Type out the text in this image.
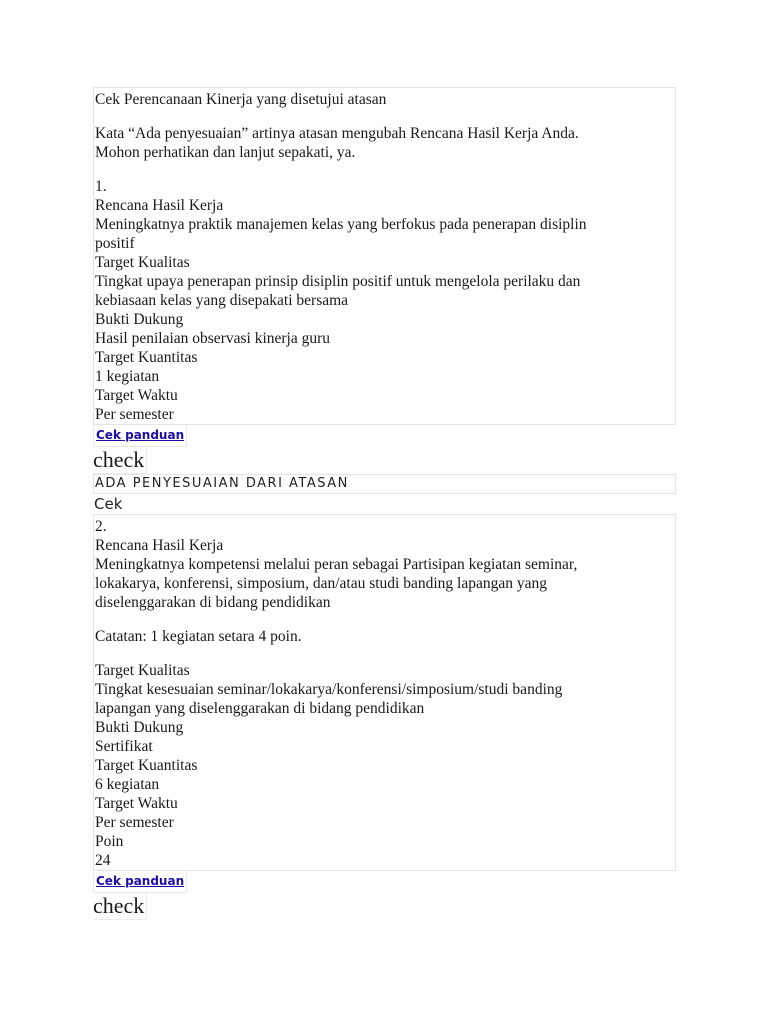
Cek Perencanaan Kinerja yang disetujui atasan
Kata “Ada penyesuaian” artinya atasan mengubah Rencana Hasil Kerja Anda.
Mohon perhatikan dan lanjut sepakati, ya.
1.
Rencana Hasil Kerja
Meningkatnya praktik manajemen kelas yang berfokus pada penerapan disiplin
positif
Target Kualitas
Tingkat upaya penerapan prinsip disiplin positif untuk mengelola perilaku dan
kebiasaan kelas yang disepakati bersama
Bukti Dukung
Hasil penilaian observasi kinerja guru
Target Kuantitas
1 kegiatan
Target Waktu
Per semester
Cek panduan
check
ADA PENYESUAIAN DARI ATASAN
Cek
2.
Rencana Hasil Kerja
Meningkatnya kompetensi melalui peran sebagai Partisipan kegiatan seminar,
lokakarya, konferensi, simposium, dan/atau studi banding lapangan yang
diselenggarakan di bidang pendidikan
Catatan: 1 kegiatan setara 4 poin.
Target Kualitas
Tingkat kesesuaian seminar/lokakarya/konferensi/simposium/studi banding
lapangan yang diselenggarakan di bidang pendidikan
Bukti Dukung
Sertifikat
Target Kuantitas
6 kegiatan
Target Waktu
Per semester
Poin
24
Cek panduan
check
